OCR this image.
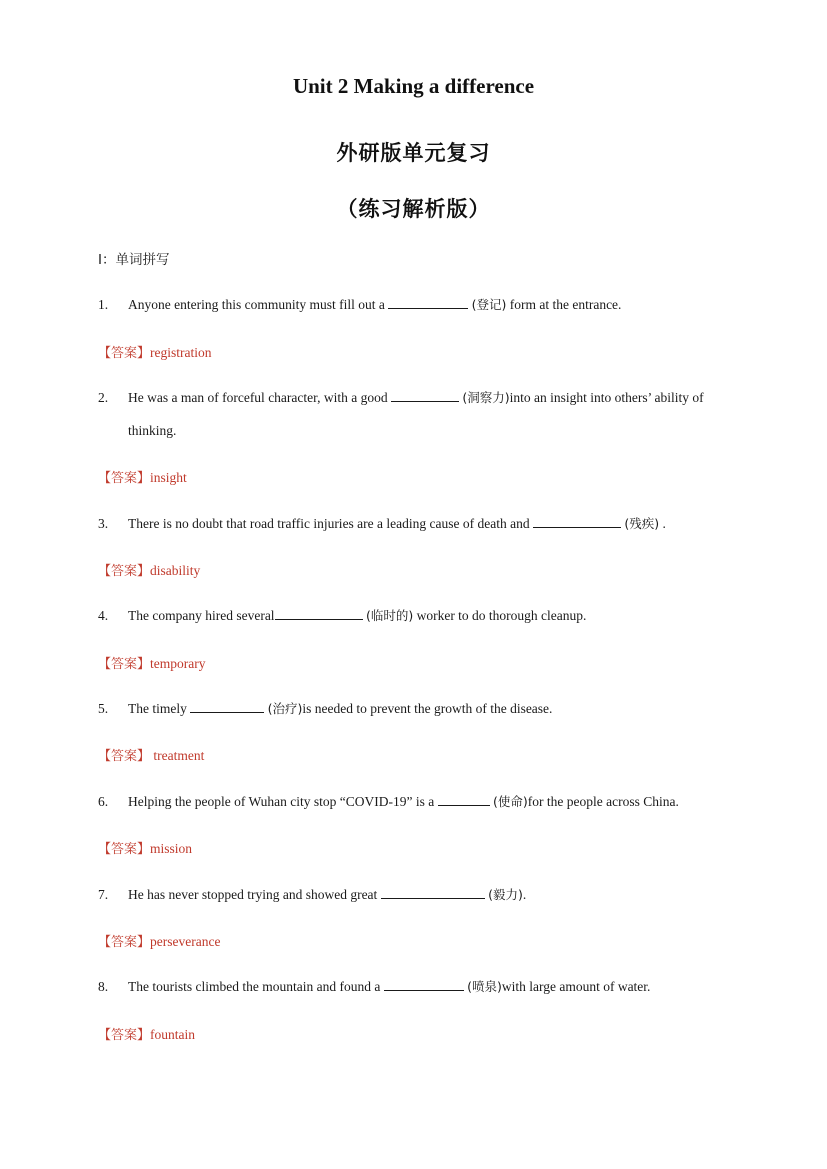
Unit 2 Making a difference
外研版单元复习
（练习解析版）
I：单词拼写
1.	Anyone entering this community must fill out a	(登记) form at the entrance.
【答案】registration
2.	He was a man of forceful character, with a good	(洞察力)into an insight into others’ ability of thinking.
【答案】insight
3.	There is no doubt that road traffic injuries are a leading cause of death and	(残疾) .
【答案】disability
4.	The company hired several	(临时的) worker to do thorough cleanup.
【答案】temporary
5.	The timely	(治疗)is needed to prevent the growth of the disease.
【答案】 treatment
6.	Helping the people of Wuhan city stop “COVID-19” is a	(使命)for the people across China.
【答案】mission
7.	He has never stopped trying and showed great	(毅力).
【答案】perseverance
8.	The tourists climbed the mountain and found a	(喷泉)with large amount of water.
【答案】fountain
